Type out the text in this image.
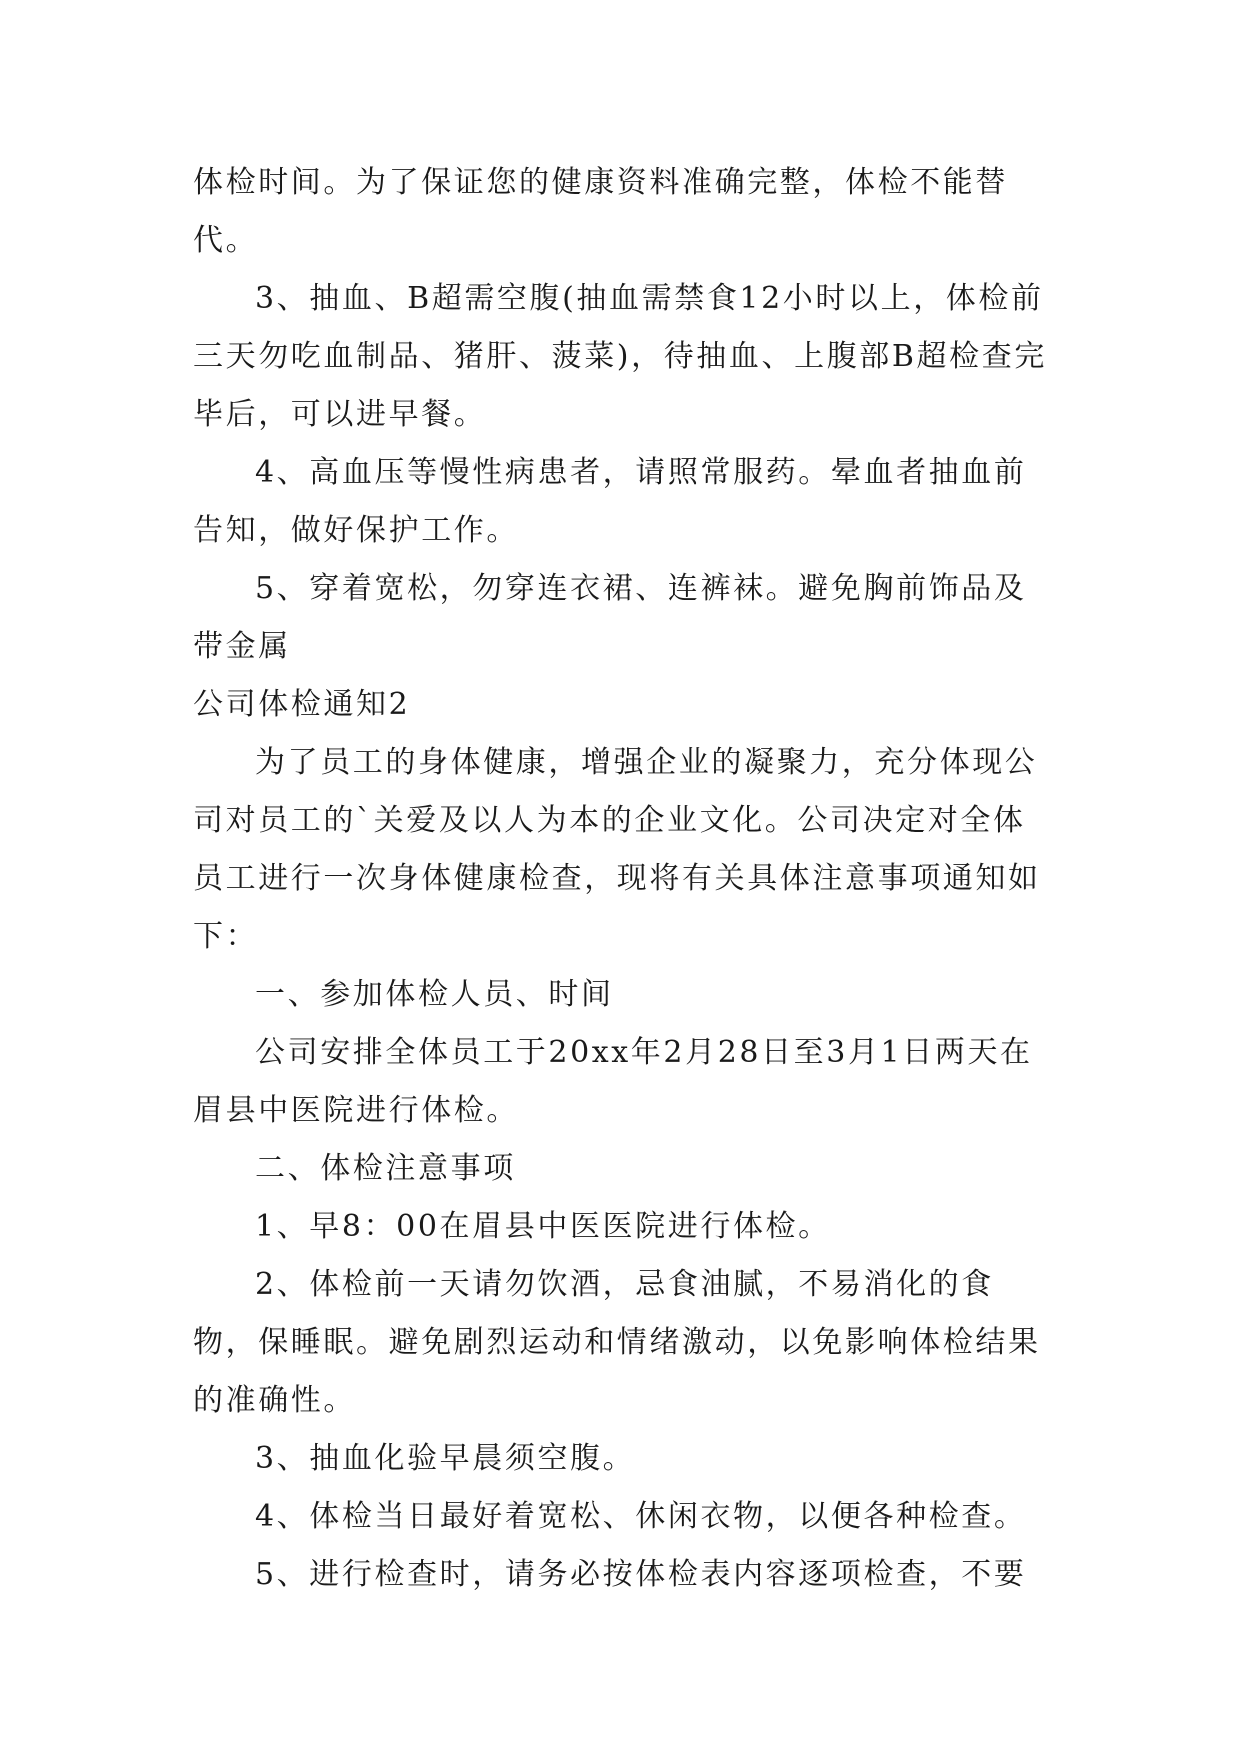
体检时间。为了保证您的健康资料准确完整，体检不能替代。

3、抽血、B超需空腹(抽血需禁食12小时以上，体检前三天勿吃血制品、猪肝、菠菜)，待抽血、上腹部B超检查完毕后，可以进早餐。

4、高血压等慢性病患者，请照常服药。晕血者抽血前告知，做好保护工作。

5、穿着宽松，勿穿连衣裙、连裤袜。避免胸前饰品及带金属

公司体检通知2

为了员工的身体健康，增强企业的凝聚力，充分体现公司对员工的`关爱及以人为本的企业文化。公司决定对全体员工进行一次身体健康检查，现将有关具体注意事项通知如下：

一、参加体检人员、时间

公司安排全体员工于20xx年2月28日至3月1日两天在眉县中医院进行体检。

二、体检注意事项

1、早8：00在眉县中医医院进行体检。

2、体检前一天请勿饮酒，忌食油腻，不易消化的食物，保睡眠。避免剧烈运动和情绪激动，以免影响体检结果的准确性。

3、抽血化验早晨须空腹。

4、体检当日最好着宽松、休闲衣物，以便各种检查。

5、进行检查时，请务必按体检表内容逐项检查，不要
